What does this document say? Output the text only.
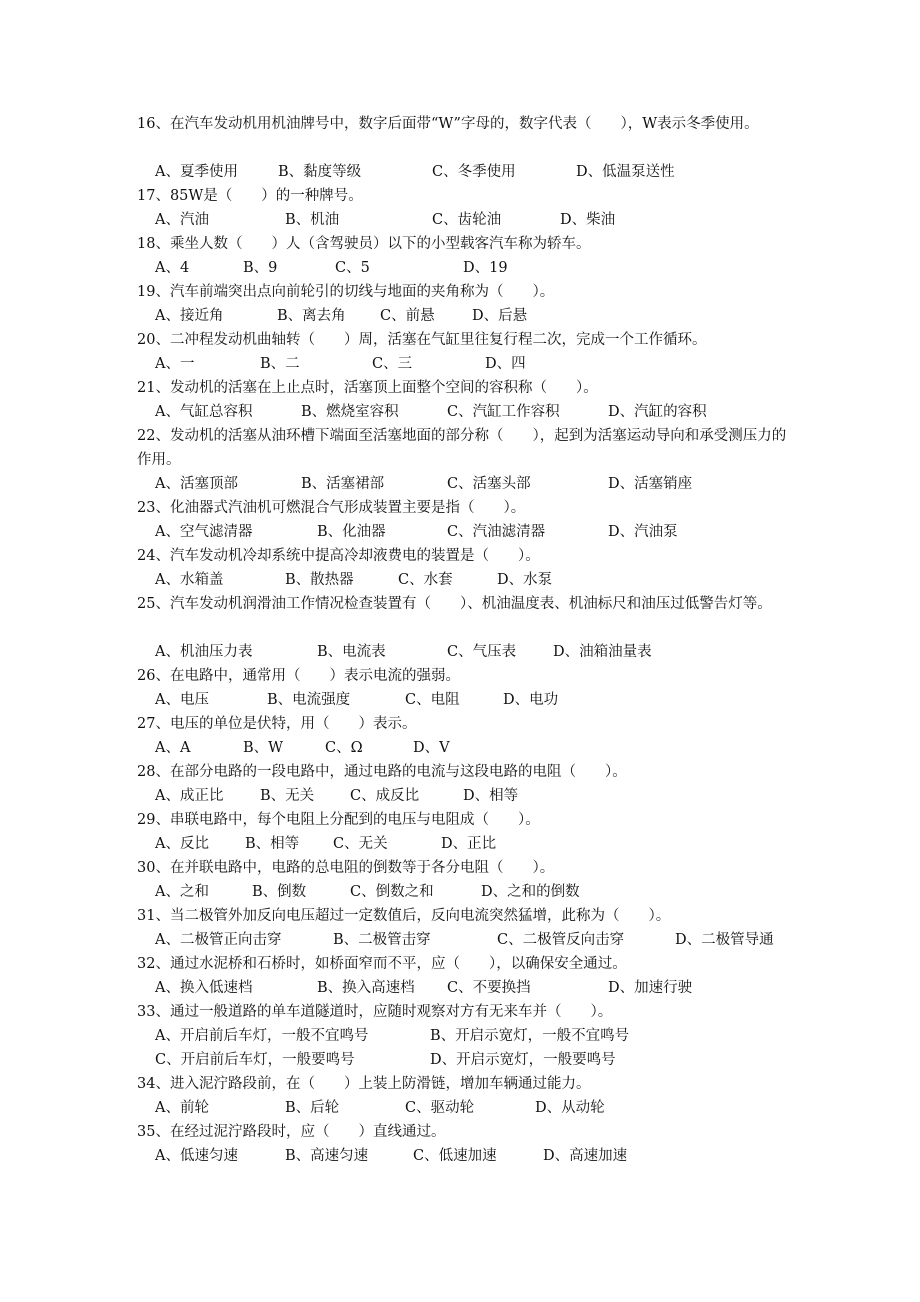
16、在汽车发动机用机油牌号中，数字后面带“W”字母的，数字代表（　　），W表示冬季使用。
A、夏季使用	B、黏度等级	C、冬季使用	D、低温泵送性
17、85W是（　　）的一种牌号。
A、汽油	B、机油	C、齿轮油	D、柴油
18、乘坐人数（　　）人（含驾驶员）以下的小型载客汽车称为轿车。
A、4	B、9	C、5	D、19
19、汽车前端突出点向前轮引的切线与地面的夹角称为（　　）。
A、接近角	B、离去角 C、前悬	D、后悬
20、二冲程发动机曲轴转（　　）周，活塞在气缸里往复行程二次，完成一个工作循环。
A、一	B、二	C、三	D、四
21、发动机的活塞在上止点时，活塞顶上面整个空间的容积称（　　）。
A、气缸总容积	B、燃烧室容积	C、汽缸工作容积	D、汽缸的容积
22、发动机的活塞从油环槽下端面至活塞地面的部分称（　　），起到为活塞运动导向和承受测压力的作用。
A、活塞顶部	B、活塞裙部	C、活塞头部	D、活塞销座
23、化油器式汽油机可燃混合气形成装置主要是指（　　）。
A、空气滤清器	B、化油器	C、汽油滤清器	D、汽油泵
24、汽车发动机冷却系统中提高冷却液费电的装置是（　　）。
A、水箱盖	B、散热器	C、水套	D、水泵
25、汽车发动机润滑油工作情况检查装置有（　　）、机油温度表、机油标尺和油压过低警告灯等。
A、机油压力表	B、电流表	C、气压表	D、油箱油量表
26、在电路中，通常用（　　）表示电流的强弱。
A、电压	B、电流强度	C、电阻	D、电功
27、电压的单位是伏特，用（　　）表示。
A、A	B、W	C、Ω	D、V
28、在部分电路的一段电路中，通过电路的电流与这段电路的电阻（　　）。
A、成正比	B、无关 C、成反比	D、相等
29、串联电路中，每个电阻上分配到的电压与电阻成（　　）。
A、反比 B、相等 C、无关	D、正比
30、在并联电路中，电路的总电阻的倒数等于各分电阻（　　）。
A、之和	B、倒数	C、倒数之和	D、之和的倒数
31、当二极管外加反向电压超过一定数值后，反向电流突然猛增，此称为（　　）。
A、二极管正向击穿	B、二极管击穿	C、二极管反向击穿	D、二极管导通
32、通过水泥桥和石桥时，如桥面窄而不平，应（　　），以确保安全通过。
A、换入低速档	B、换入高速档 C、不要换挡	D、加速行驶
33、通过一般道路的单车道隧道时，应随时观察对方有无来车并（　　）。
A、开启前后车灯，一般不宜鸣号	B、开启示宽灯，一般不宜鸣号
C、开启前后车灯，一般要鸣号	D、开启示宽灯，一般要鸣号
34、进入泥泞路段前，在（　　）上装上防滑链，增加车辆通过能力。
A、前轮	B、后轮	C、驱动轮	D、从动轮
35、在经过泥泞路段时，应（　　）直线通过。
A、低速匀速	B、高速匀速	C、低速加速	D、高速加速
